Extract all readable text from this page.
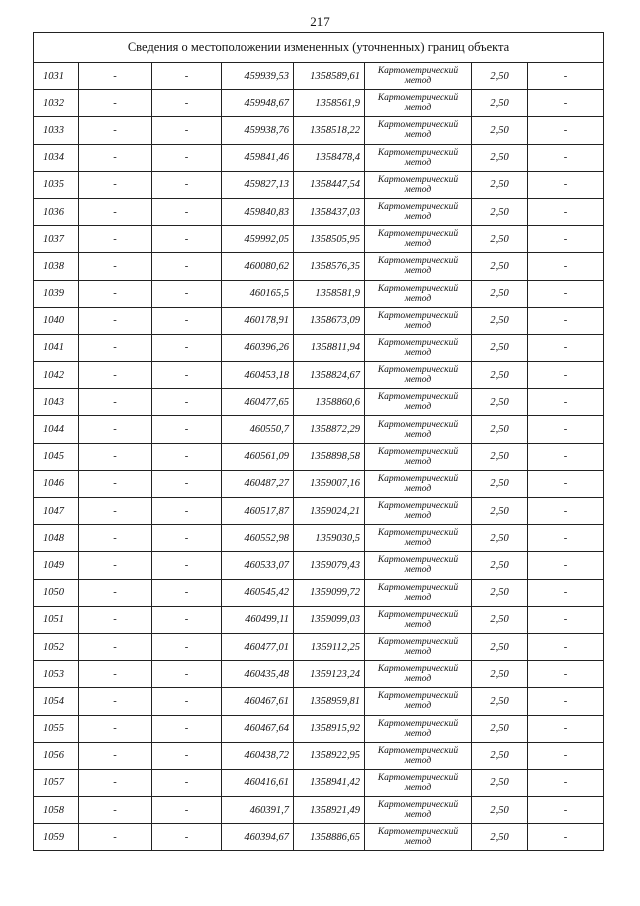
217
Сведения о местоположении измененных (уточненных) границ объекта							
1031	-	-	459939,53	1358589,61	Картометрический
метод	2,50	-
1032	-	-	459948,67	1358561,9	Картометрический
метод	2,50	-
1033	-	-	459938,76	1358518,22	Картометрический
метод	2,50	-
1034	-	-	459841,46	1358478,4	Картометрический
метод	2,50	-
1035	-	-	459827,13	1358447,54	Картометрический
метод	2,50	-
1036	-	-	459840,83	1358437,03	Картометрический
метод	2,50	-
1037	-	-	459992,05	1358505,95	Картометрический
метод	2,50	-
1038	-	-	460080,62	1358576,35	Картометрический
метод	2,50	-
1039	-	-	460165,5	1358581,9	Картометрический
метод	2,50	-
1040	-	-	460178,91	1358673,09	Картометрический
метод	2,50	-
1041	-	-	460396,26	1358811,94	Картометрический
метод	2,50	-
1042	-	-	460453,18	1358824,67	Картометрический
метод	2,50	-
1043	-	-	460477,65	1358860,6	Картометрический
метод	2,50	-
1044	-	-	460550,7	1358872,29	Картометрический
метод	2,50	-
1045	-	-	460561,09	1358898,58	Картометрический
метод	2,50	-
1046	-	-	460487,27	1359007,16	Картометрический
метод	2,50	-
1047	-	-	460517,87	1359024,21	Картометрический
метод	2,50	-
1048	-	-	460552,98	1359030,5	Картометрический
метод	2,50	-
1049	-	-	460533,07	1359079,43	Картометрический
метод	2,50	-
1050	-	-	460545,42	1359099,72	Картометрический
метод	2,50	-
1051	-	-	460499,11	1359099,03	Картометрический
метод	2,50	-
1052	-	-	460477,01	1359112,25	Картометрический
метод	2,50	-
1053	-	-	460435,48	1359123,24	Картометрический
метод	2,50	-
1054	-	-	460467,61	1358959,81	Картометрический
метод	2,50	-
1055	-	-	460467,64	1358915,92	Картометрический
метод	2,50	-
1056	-	-	460438,72	1358922,95	Картометрический
метод	2,50	-
1057	-	-	460416,61	1358941,42	Картометрический
метод	2,50	-
1058	-	-	460391,7	1358921,49	Картометрический
метод	2,50	-
1059	-	-	460394,67	1358886,65	Картометрический
метод	2,50	-
